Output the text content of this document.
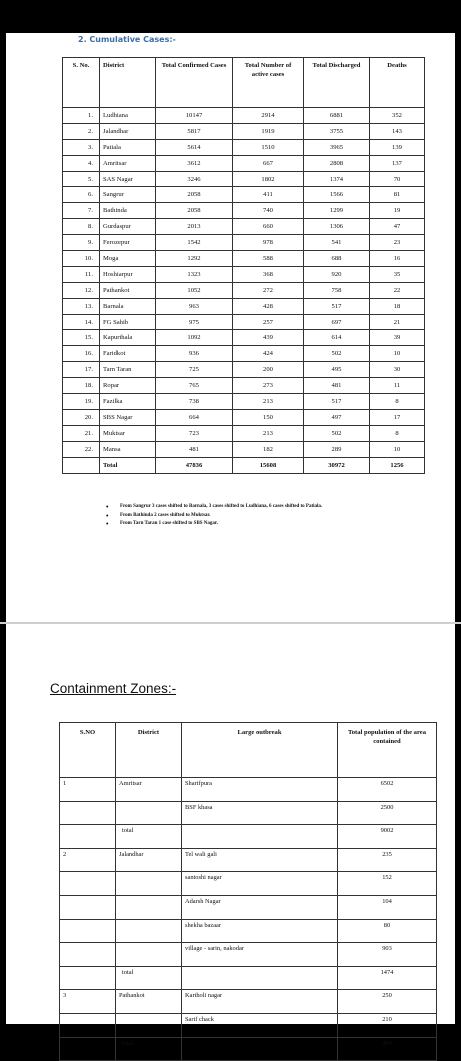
2. Cumulative Cases:-
S. No.	District	Total Confirmed Cases	Total Number of active cases	Total Discharged	Deaths
1.	Ludhiana	10147	2914	6881	352
2.	Jalandhar	5817	1919	3755	143
3.	Patiala	5614	1510	3965	139
4.	Amritsar	3612	667	2808	137
5.	SAS Nagar	3246	1802	1374	70
6.	Sangrur	2058	411	1566	81
7.	Bathinda	2058	740	1299	19
8.	Gurdaspur	2013	660	1306	47
9.	Ferozepur	1542	978	541	23
10.	Moga	1292	588	688	16
11.	Hoshiarpur	1323	368	920	35
12.	Pathankot	1052	272	758	22
13.	Barnala	963	428	517	18
14.	FG Sahib	975	257	697	21
15.	Kapurthala	1092	439	614	39
16.	Faridkot	936	424	502	10
17.	Tarn Taran	725	200	495	30
18.	Ropar	765	273	481	11
19.	Fazilka	738	213	517	8
20.	SBS Nagar	664	150	497	17
21.	Muktsar	723	213	502	8
22.	Mansa	481	182	289	10
	Total	47836	15608	30972	1256
• From Sangrur 3 cases shifted to Barnala, 3 cases shifted to Ludhiana, 6 cases shifted to Patiala.
• From Bathinda 2 cases shifted to Muktsar.
• From Tarn Taran 1 case shifted to SBS Nagar.
Containment Zones:-
S.NO	District	Large outbreak	Total population of the area contained
1	Amritsar	Sharifpura	6502
		BSF khasa	2500
	total		9002
2	Jalandhar	Tel wali gali	235
		santoshi nagar	152
		Adarsh Nagar	104
		shekha bazaar	80
		village - sarin, nakodar	903
	total		1474
3	Pathankot	Kartholi nagar	250
		Sarif chack	210
	total		460
